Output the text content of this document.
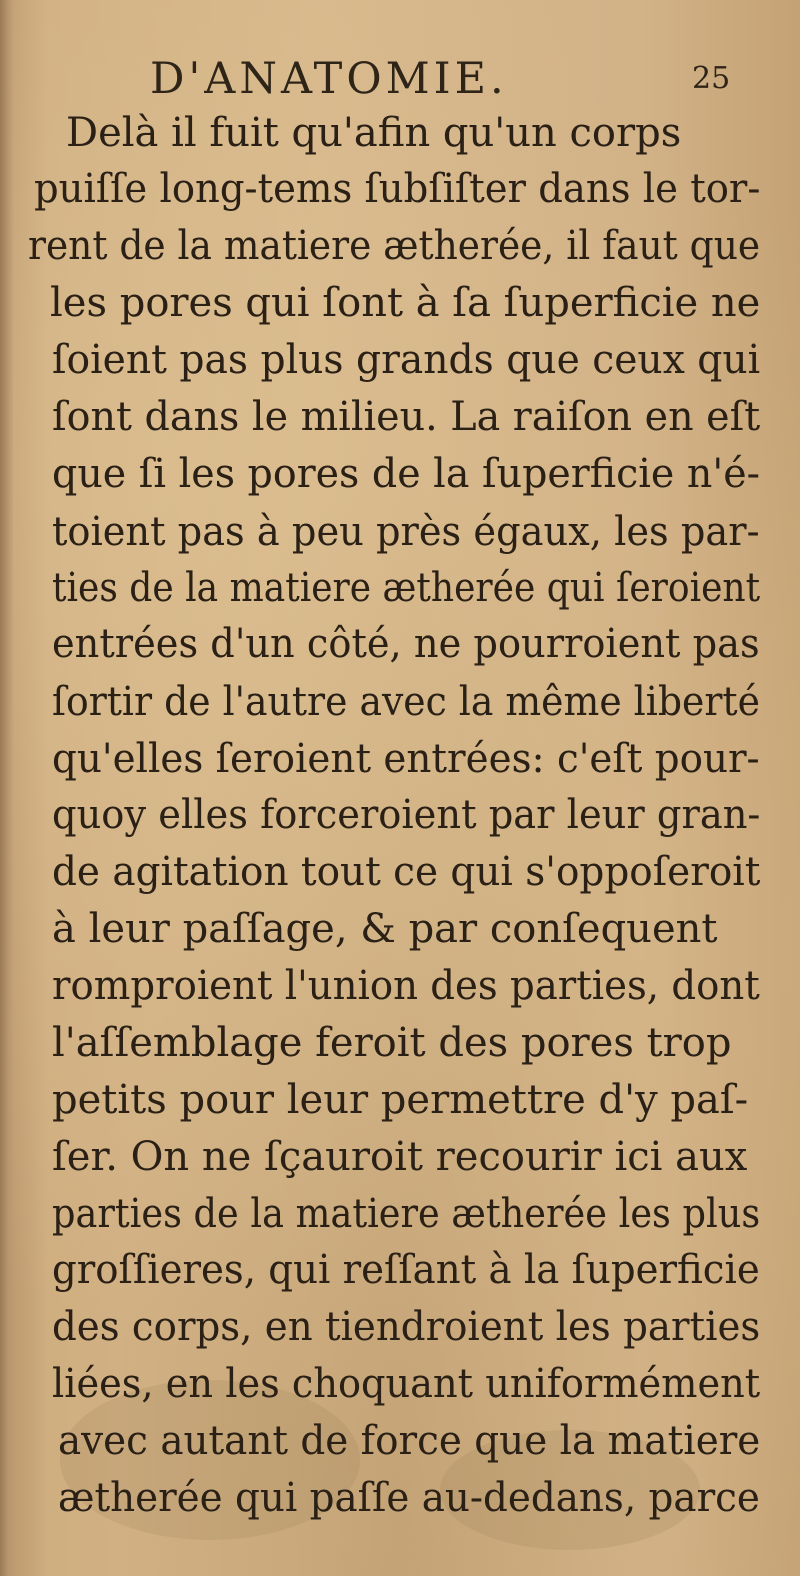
D'ANATOMIE.	25
Delà il fuit qu'afin qu'un corps
puiſſe long-tems ſubſiſter dans le tor-
rent de la matiere ætherée, il faut que
les pores qui ſont à ſa ſuperficie ne
ſoient pas plus grands que ceux qui
ſont dans le milieu. La raiſon en eſt
que ſi les pores de la ſuperficie n'é-
toient pas à peu près égaux, les par-
ties de la matiere ætherée qui ſeroient
entrées d'un côté, ne pourroient pas
ſortir de l'autre avec la même liberté
qu'elles ſeroient entrées: c'eſt pour-
quoy elles forceroient par leur gran-
de agitation tout ce qui s'oppoſeroit
à leur paſſage, & par conſequent
romproient l'union des parties, dont
l'aſſemblage feroit des pores trop
petits pour leur permettre d'y paſ-
ſer. On ne ſçauroit recourir ici aux
parties de la matiere ætherée les plus
groſſieres, qui reſſant à la ſuperficie
des corps, en tiendroient les parties
liées, en les choquant uniformément
avec autant de force que la matiere
ætherée qui paſſe au-dedans, parce
